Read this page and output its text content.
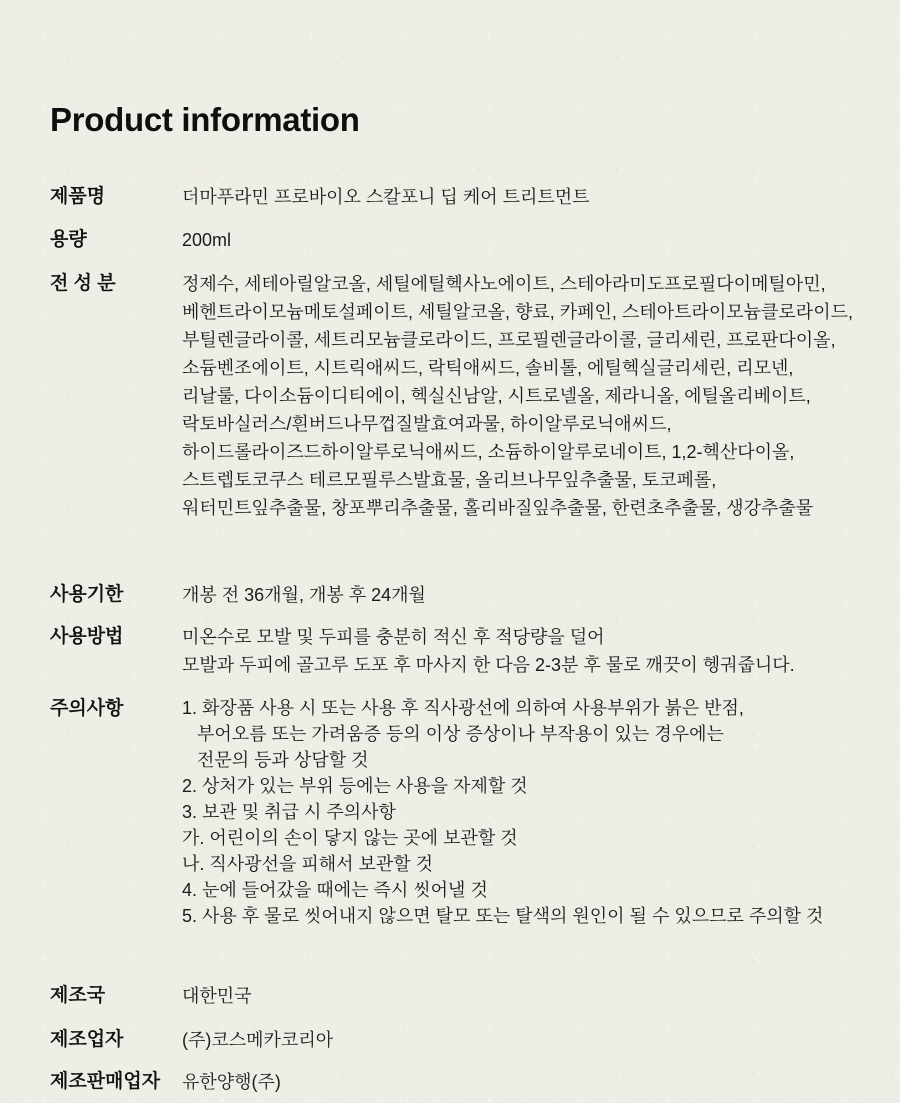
Product information
제품명	더마푸라민 프로바이오 스칼포니 딥 케어 트리트먼트
용량	200ml
전 성 분	정제수, 세테아릴알코올, 세틸에틸헥사노에이트, 스테아라미도프로필다이메틸아민,
베헨트라이모늄메토설페이트, 세틸알코올, 향료, 카페인, 스테아트라이모늄클로라이드,
부틸렌글라이콜, 세트리모늄클로라이드, 프로필렌글라이콜, 글리세린, 프로판다이올,
소듐벤조에이트, 시트릭애씨드, 락틱애씨드, 솔비톨, 에틸헥실글리세린, 리모넨,
리날룰, 다이소듐이디티에이, 헥실신남알, 시트로넬올, 제라니올, 에틸올리베이트,
락토바실러스/흰버드나무껍질발효여과물, 하이알루로닉애씨드,
하이드롤라이즈드하이알루로닉애씨드, 소듐하이알루로네이트, 1,2-헥산다이올,
스트렙토코쿠스 테르모필루스발효물, 올리브나무잎추출물, 토코페롤,
워터민트잎추출물, 창포뿌리추출물, 홀리바질잎추출물, 한련초추출물, 생강추출물
사용기한	개봉 전 36개월, 개봉 후 24개월
사용방법	미온수로 모발 및 두피를 충분히 적신 후 적당량을 덜어
모발과 두피에 골고루 도포 후 마사지 한 다음 2-3분 후 물로 깨끗이 헹궈줍니다.
주의사항	1. 화장품 사용 시 또는 사용 후 직사광선에 의하여 사용부위가 붉은 반점,
부어오름 또는 가려움증 등의 이상 증상이나 부작용이 있는 경우에는
전문의 등과 상담할 것
2. 상처가 있는 부위 등에는 사용을 자제할 것
3. 보관 및 취급 시 주의사항
가. 어린이의 손이 닿지 않는 곳에 보관할 것
나. 직사광선을 피해서 보관할 것
4. 눈에 들어갔을 때에는 즉시 씻어낼 것
5. 사용 후 물로 씻어내지 않으면 탈모 또는 탈색의 원인이 될 수 있으므로 주의할 것
제조국	대한민국
제조업자	(주)코스메카코리아
제조판매업자	유한양행(주)
